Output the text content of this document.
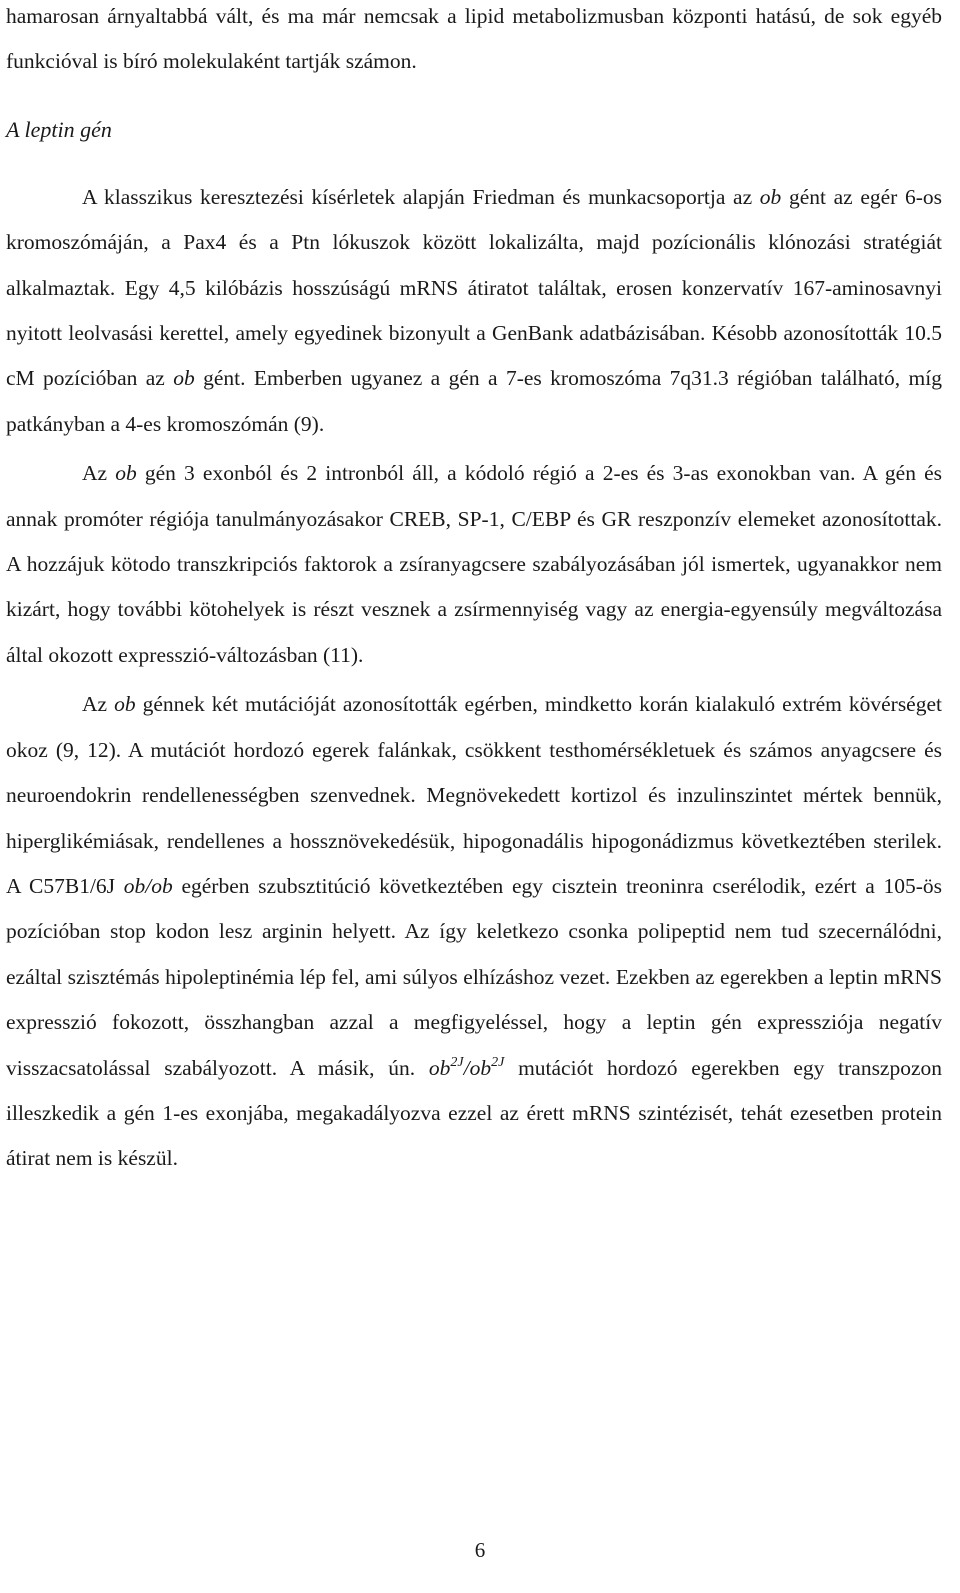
hamarosan árnyaltabbá vált, és ma már nemcsak a lipid metabolizmusban központi hatású, de sok egyéb funkcióval is bíró molekulaként tartják számon.

A leptin gén

A klasszikus keresztezési kísérletek alapján Friedman és munkacsoportja az ob gént az egér 6-os kromoszómáján, a Pax4 és a Ptn lókuszok között lokalizálta, majd pozícionális klónozási stratégiát alkalmaztak. Egy 4,5 kilóbázis hosszúságú mRNS átiratot találtak, erosen konzervatív 167-aminosavnyi nyitott leolvasási kerettel, amely egyedinek bizonyult a GenBank adatbázisában. Késobb azonosították 10.5 cM pozícióban az ob gént. Emberben ugyanez a gén a 7-es kromoszóma 7q31.3 régióban található, míg patkányban a 4-es kromoszómán (9).

Az ob gén 3 exonból és 2 intronból áll, a kódoló régió a 2-es és 3-as exonokban van. A gén és annak promóter régiója tanulmányozásakor CREB, SP-1, C/EBP és GR reszponzív elemeket azonosítottak. A hozzájuk kötodo transzkripciós faktorok a zsíranyagcsere szabályozásában jól ismertek, ugyanakkor nem kizárt, hogy további kötohelyek is részt vesznek a zsírmennyiség vagy az energia-egyensúly megváltozása által okozott expresszió-változásban (11).

Az ob génnek két mutációját azonosították egérben, mindketto korán kialakuló extrém kövérséget okoz (9, 12). A mutációt hordozó egerek falánkak, csökkent testhomérsékletuek és számos anyagcsere és neuroendokrin rendellenességben szenvednek. Megnövekedett kortizol és inzulinszintet mértek bennük, hiperglikémiásak, rendellenes a hossznövekedésük, hipogonadális hipogonádizmus következtében sterilek. A C57B1/6J ob/ob egérben szubsztitúció következtében egy cisztein treoninra cserélodik, ezért a 105-ös pozícióban stop kodon lesz arginin helyett. Az így keletkezo csonka polipeptid nem tud szecernálódni, ezáltal szisztémás hipoleptinémia lép fel, ami súlyos elhízáshoz vezet. Ezekben az egerekben a leptin mRNS expresszió fokozott, összhangban azzal a megfigyeléssel, hogy a leptin gén expressziója negatív visszacsatolással szabályozott. A másik, ún. $ob^{2J}/ob^{2J}$ mutációt hordozó egerekben egy transzpozon illeszkedik a gén 1-es exonjába, megakadályozva ezzel az érett mRNS szintézisét, tehát ezesetben protein átirat nem is készül.

6
